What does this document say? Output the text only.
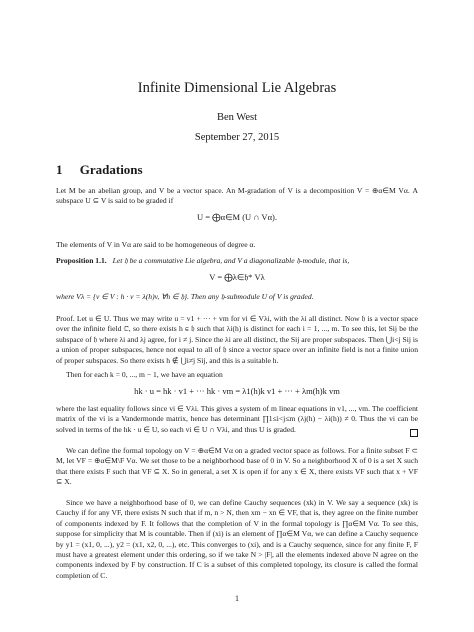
Infinite Dimensional Lie Algebras
Ben West
September 27, 2015
1 Gradations
Let M be an abelian group, and V be a vector space. An M-gradation of V is a decomposition V = ⊕α∈M Vα. A subspace U ⊆ V is said to be graded if
U = ⨁α∈M (U ∩ Vα).
The elements of V in Vα are said to be homogeneous of degree α.
Proposition 1.1. Let 𝔥 be a commutative Lie algebra, and V a diagonalizable 𝔥-module, that is,
V = ⨁λ∈𝔥* Vλ
where Vλ = {v ∈ V : h · v = λ(h)v, ∀h ∈ 𝔥}. Then any 𝔥-submodule U of V is graded.
Proof. Let u ∈ U. Thus we may write u = v1 + ··· + vm for vi ∈ Vλi, with the λi all distinct. Now 𝔥 is a vector space over the infinite field ℂ, so there exists h ∈ 𝔥 such that λi(h) is distinct for each i = 1, ..., m. To see this, let Sij be the subspace of 𝔥 where λi and λj agree, for i ≠ j. Since the λi are all distinct, the Sij are proper subspaces. Then ⋃i<j Sij is a union of proper subspaces, hence not equal to all of 𝔥 since a vector space over an infinite field is not a finite union of proper subspaces. So there exists h ∉ ⋃i≠j Sij, and this is a suitable h.
Then for each k = 0, ..., m − 1, we have an equation
hk · u = hk · v1 + ··· hk · vm = λ1(h)k v1 + ··· + λm(h)k vm
where the last equality follows since vi ∈ Vλi. This gives a system of m linear equations in v1, ..., vm. The coefficient matrix of the vi is a Vandermonde matrix, hence has determinant ∏1≤i<j≤m (λj(h) − λi(h)) ≠ 0. Thus the vi can be solved in terms of the hk · u ∈ U, so each vi ∈ U ∩ Vλi, and thus U is graded.
We can define the formal topology on V = ⊕α∈M Vα on a graded vector space as follows. For a finite subset F ⊂ M, let VF = ⊕α∈M\F Vα. We set those to be a neighborhood base of 0 in V. So a neighborhood X of 0 is a set X such that there exists F such that VF ⊆ X. So in general, a set X is open if for any x ∈ X, there exists VF such that x + VF ⊆ X.
Since we have a neighborhood base of 0, we can define Cauchy sequences (xk) in V. We say a sequence (xk) is Cauchy if for any VF, there exists N such that if m, n > N, then xm − xn ∈ VF, that is, they agree on the finite number of components indexed by F. It follows that the completion of V in the formal topology is ∏α∈M Vα. To see this, suppose for simplicity that M is countable. Then if (xi) is an element of ∏α∈M Vα, we can define a Cauchy sequence by y1 = (x1, 0, ...), y2 = (x1, x2, 0, ...), etc. This converges to (xi), and is a Cauchy sequence, since for any finite F, F must have a greatest element under this ordering, so if we take N > |F|, all the elements indexed above N agree on the components indexed by F by construction. If C is a subset of this completed topology, its closure is called the formal completion of C.
1
